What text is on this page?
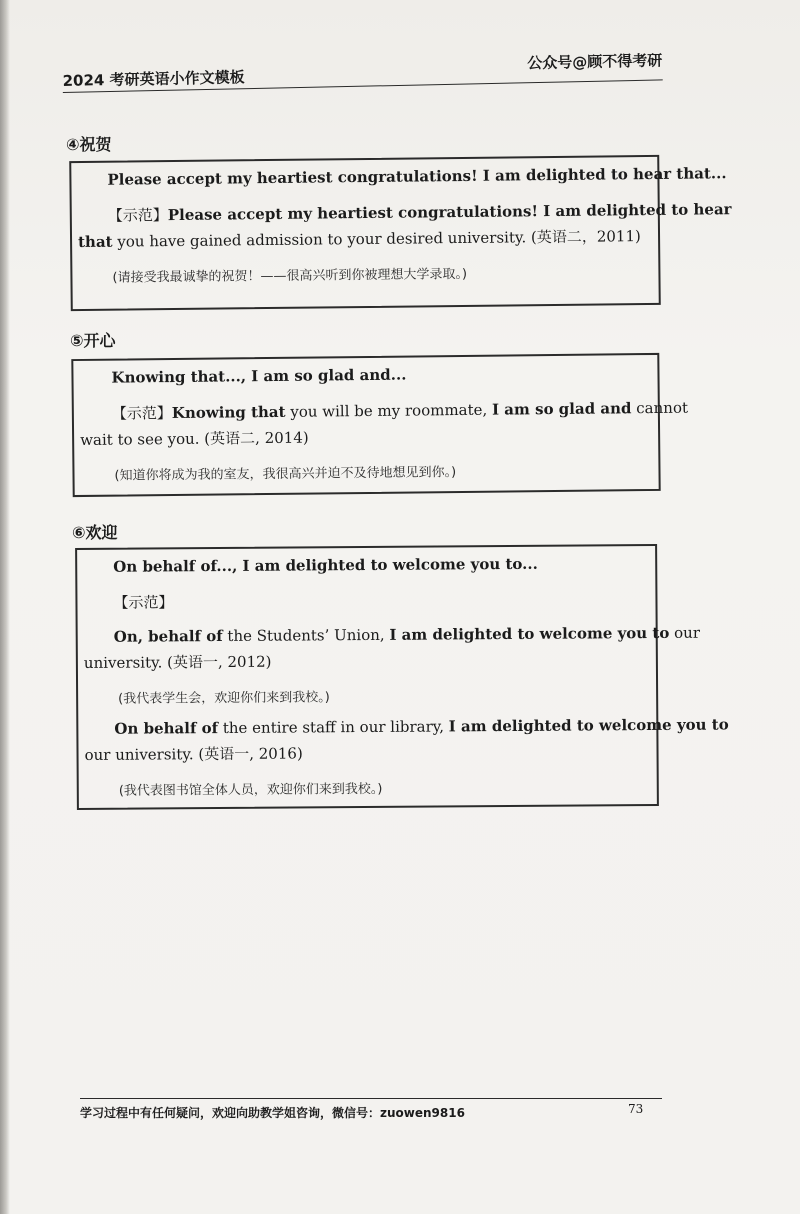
2024 考研英语小作文模板
公众号@顾不得考研
④祝贺
Please accept my heartiest congratulations! I am delighted to hear that...
【示范】Please accept my heartiest congratulations! I am delighted to hear
that you have gained admission to your desired university. (英语二，2011)
(请接受我最诚挚的祝贺！——很高兴听到你被理想大学录取。)
⑤开心
Knowing that..., I am so glad and...
【示范】Knowing that you will be my roommate, I am so glad and cannot
wait to see you. (英语二, 2014)
(知道你将成为我的室友，我很高兴并迫不及待地想见到你。)
⑥欢迎
On behalf of..., I am delighted to welcome you to...
【示范】
On, behalf of the Students’ Union, I am delighted to welcome you to our
university. (英语一, 2012)
(我代表学生会，欢迎你们来到我校。)
On behalf of the entire staff in our library, I am delighted to welcome you to
our university. (英语一, 2016)
(我代表图书馆全体人员，欢迎你们来到我校。)
学习过程中有任何疑问，欢迎向助教学姐咨询，微信号：zuowen9816	73
